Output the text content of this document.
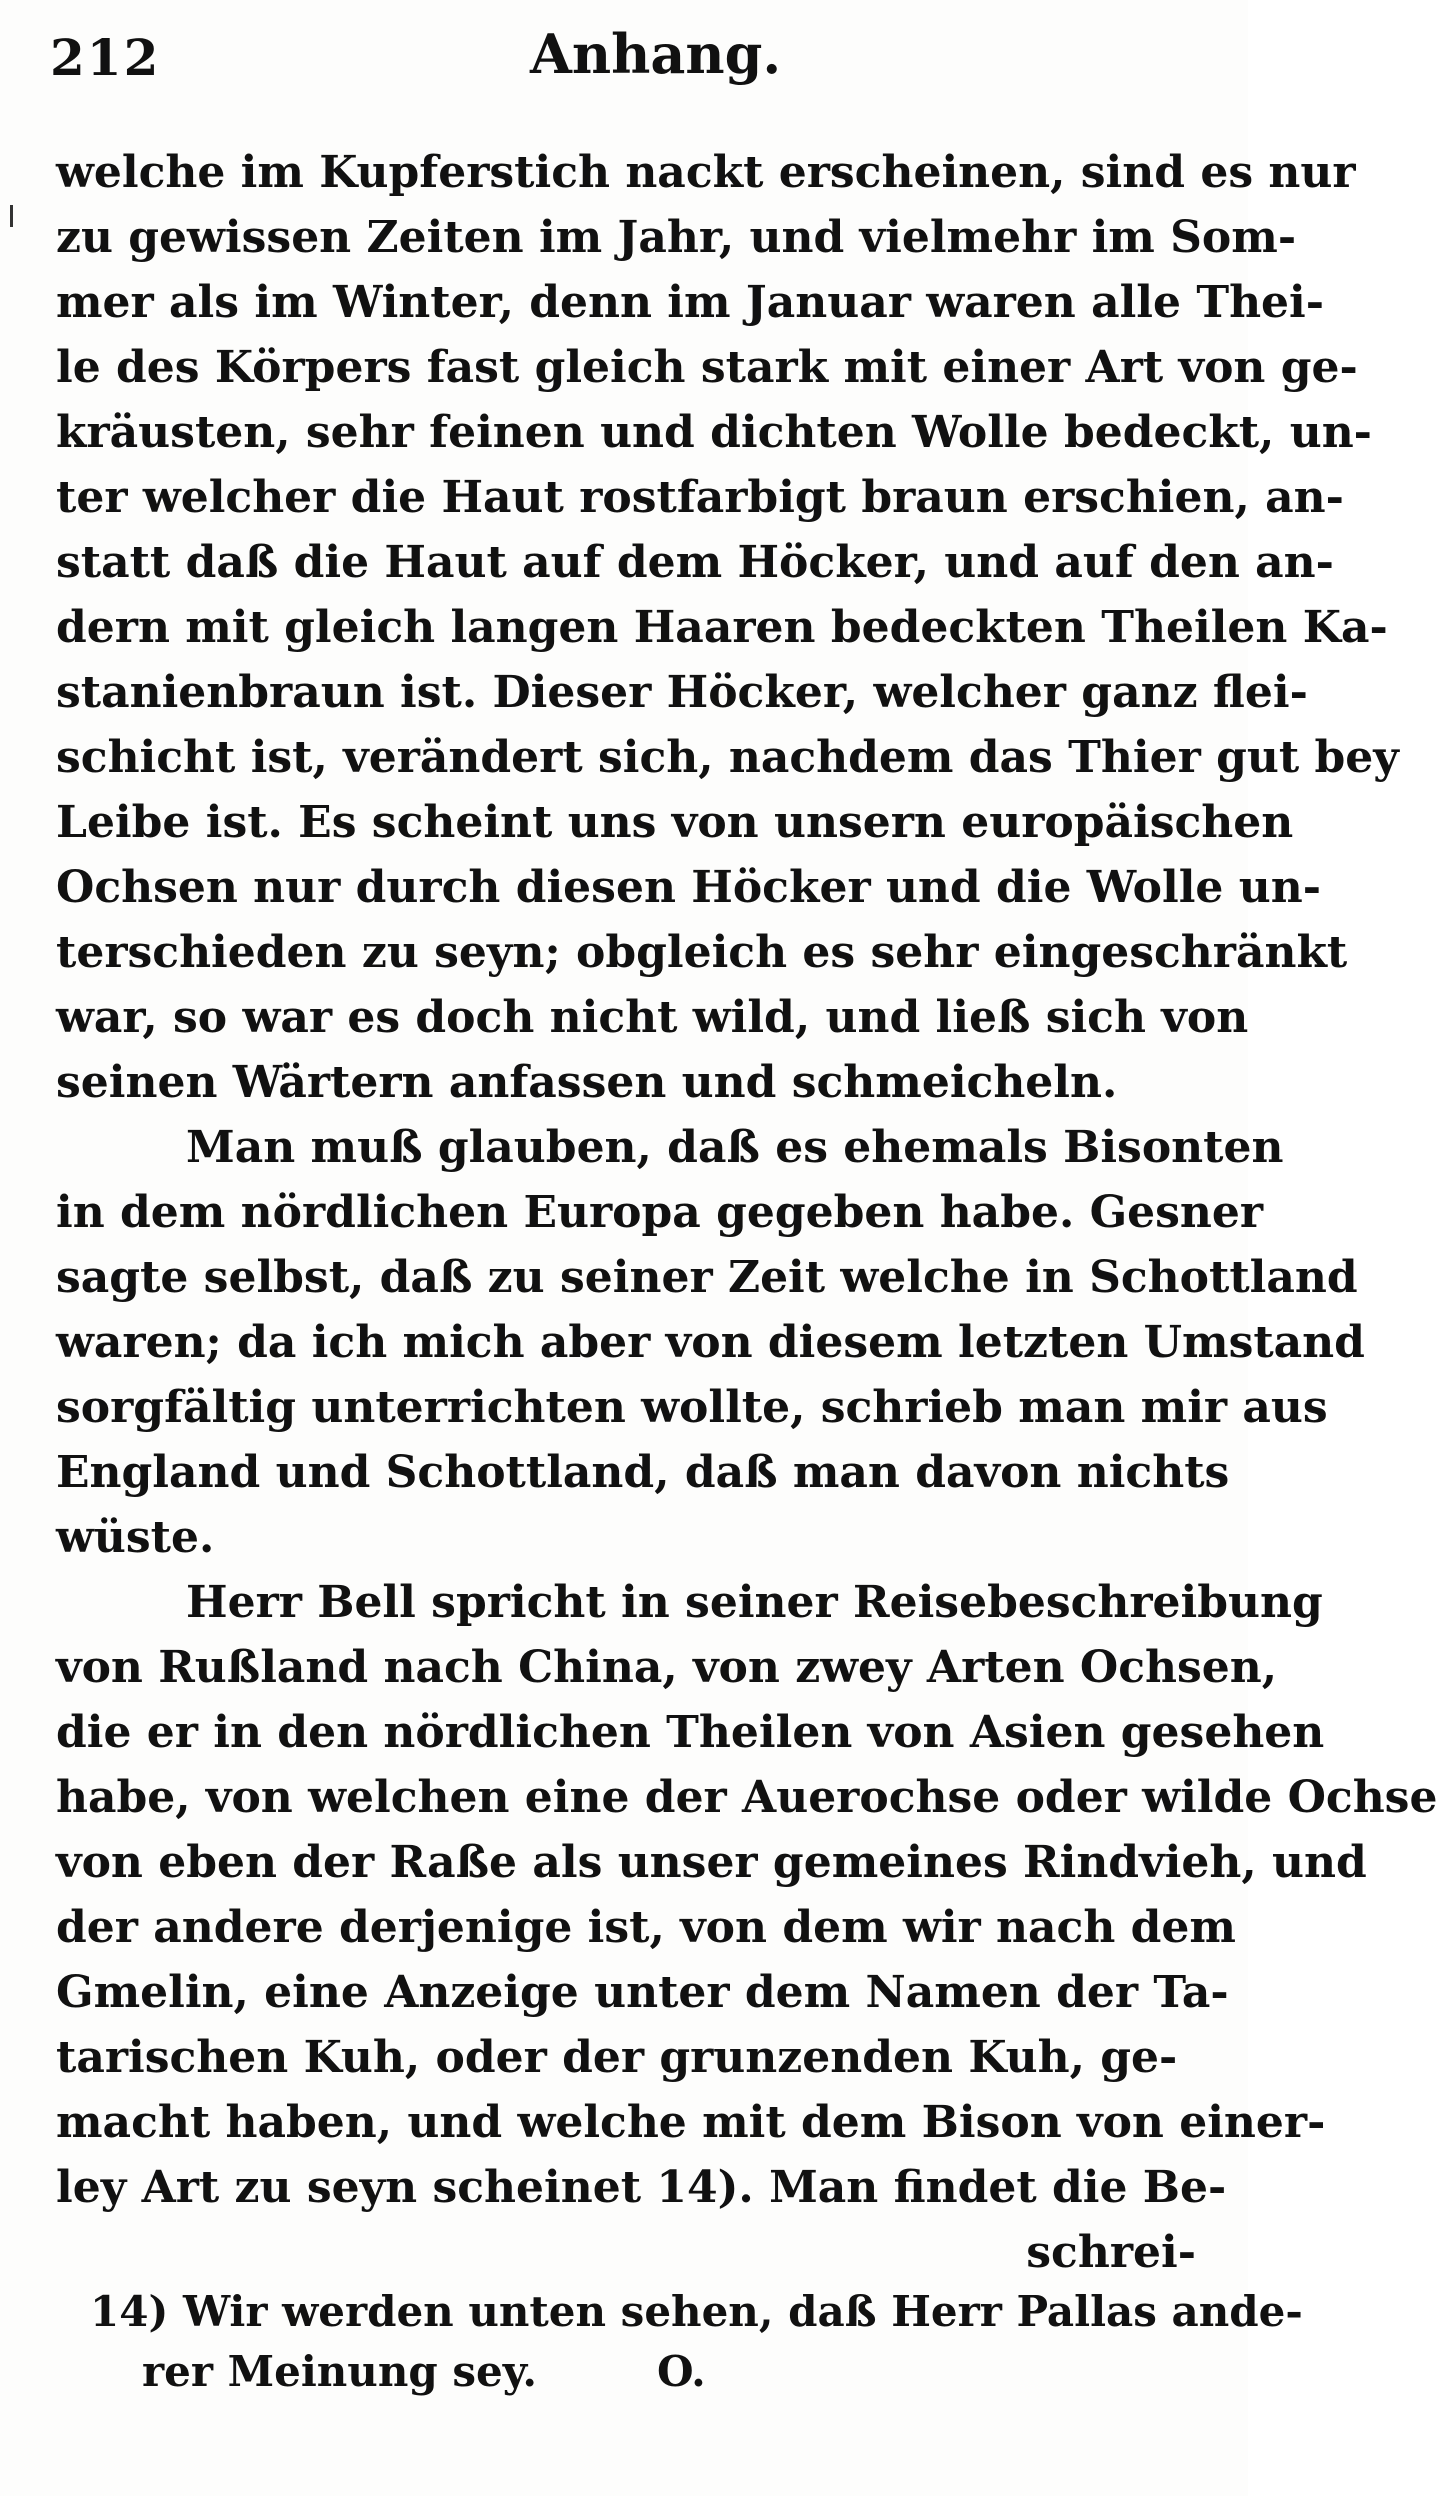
212	Anhang.
welche im Kupferstich nackt erscheinen, sind es nur
zu gewissen Zeiten im Jahr, und vielmehr im Som-
mer als im Winter, denn im Januar waren alle Thei-
le des Körpers fast gleich stark mit einer Art von ge-
kräusten, sehr feinen und dichten Wolle bedeckt, un-
ter welcher die Haut rostfarbigt braun erschien, an-
statt daß die Haut auf dem Höcker, und auf den an-
dern mit gleich langen Haaren bedeckten Theilen Ka-
stanienbraun ist. Dieser Höcker, welcher ganz flei-
schicht ist, verändert sich, nachdem das Thier gut bey
Leibe ist. Es scheint uns von unsern europäischen
Ochsen nur durch diesen Höcker und die Wolle un-
terschieden zu seyn; obgleich es sehr eingeschränkt
war, so war es doch nicht wild, und ließ sich von
seinen Wärtern anfassen und schmeicheln.
Man muß glauben, daß es ehemals Bisonten
in dem nördlichen Europa gegeben habe. Gesner
sagte selbst, daß zu seiner Zeit welche in Schottland
waren; da ich mich aber von diesem letzten Umstand
sorgfältig unterrichten wollte, schrieb man mir aus
England und Schottland, daß man davon nichts
wüste.
Herr Bell spricht in seiner Reisebeschreibung
von Rußland nach China, von zwey Arten Ochsen,
die er in den nördlichen Theilen von Asien gesehen
habe, von welchen eine der Auerochse oder wilde Ochse
von eben der Raße als unser gemeines Rindvieh, und
der andere derjenige ist, von dem wir nach dem
Gmelin, eine Anzeige unter dem Namen der Ta-
tarischen Kuh, oder der grunzenden Kuh, ge-
macht haben, und welche mit dem Bison von einer-
ley Art zu seyn scheinet 14). Man findet die Be-
schrei-
14) Wir werden unten sehen, daß Herr Pallas ande-
rer Meinung sey.	O.
